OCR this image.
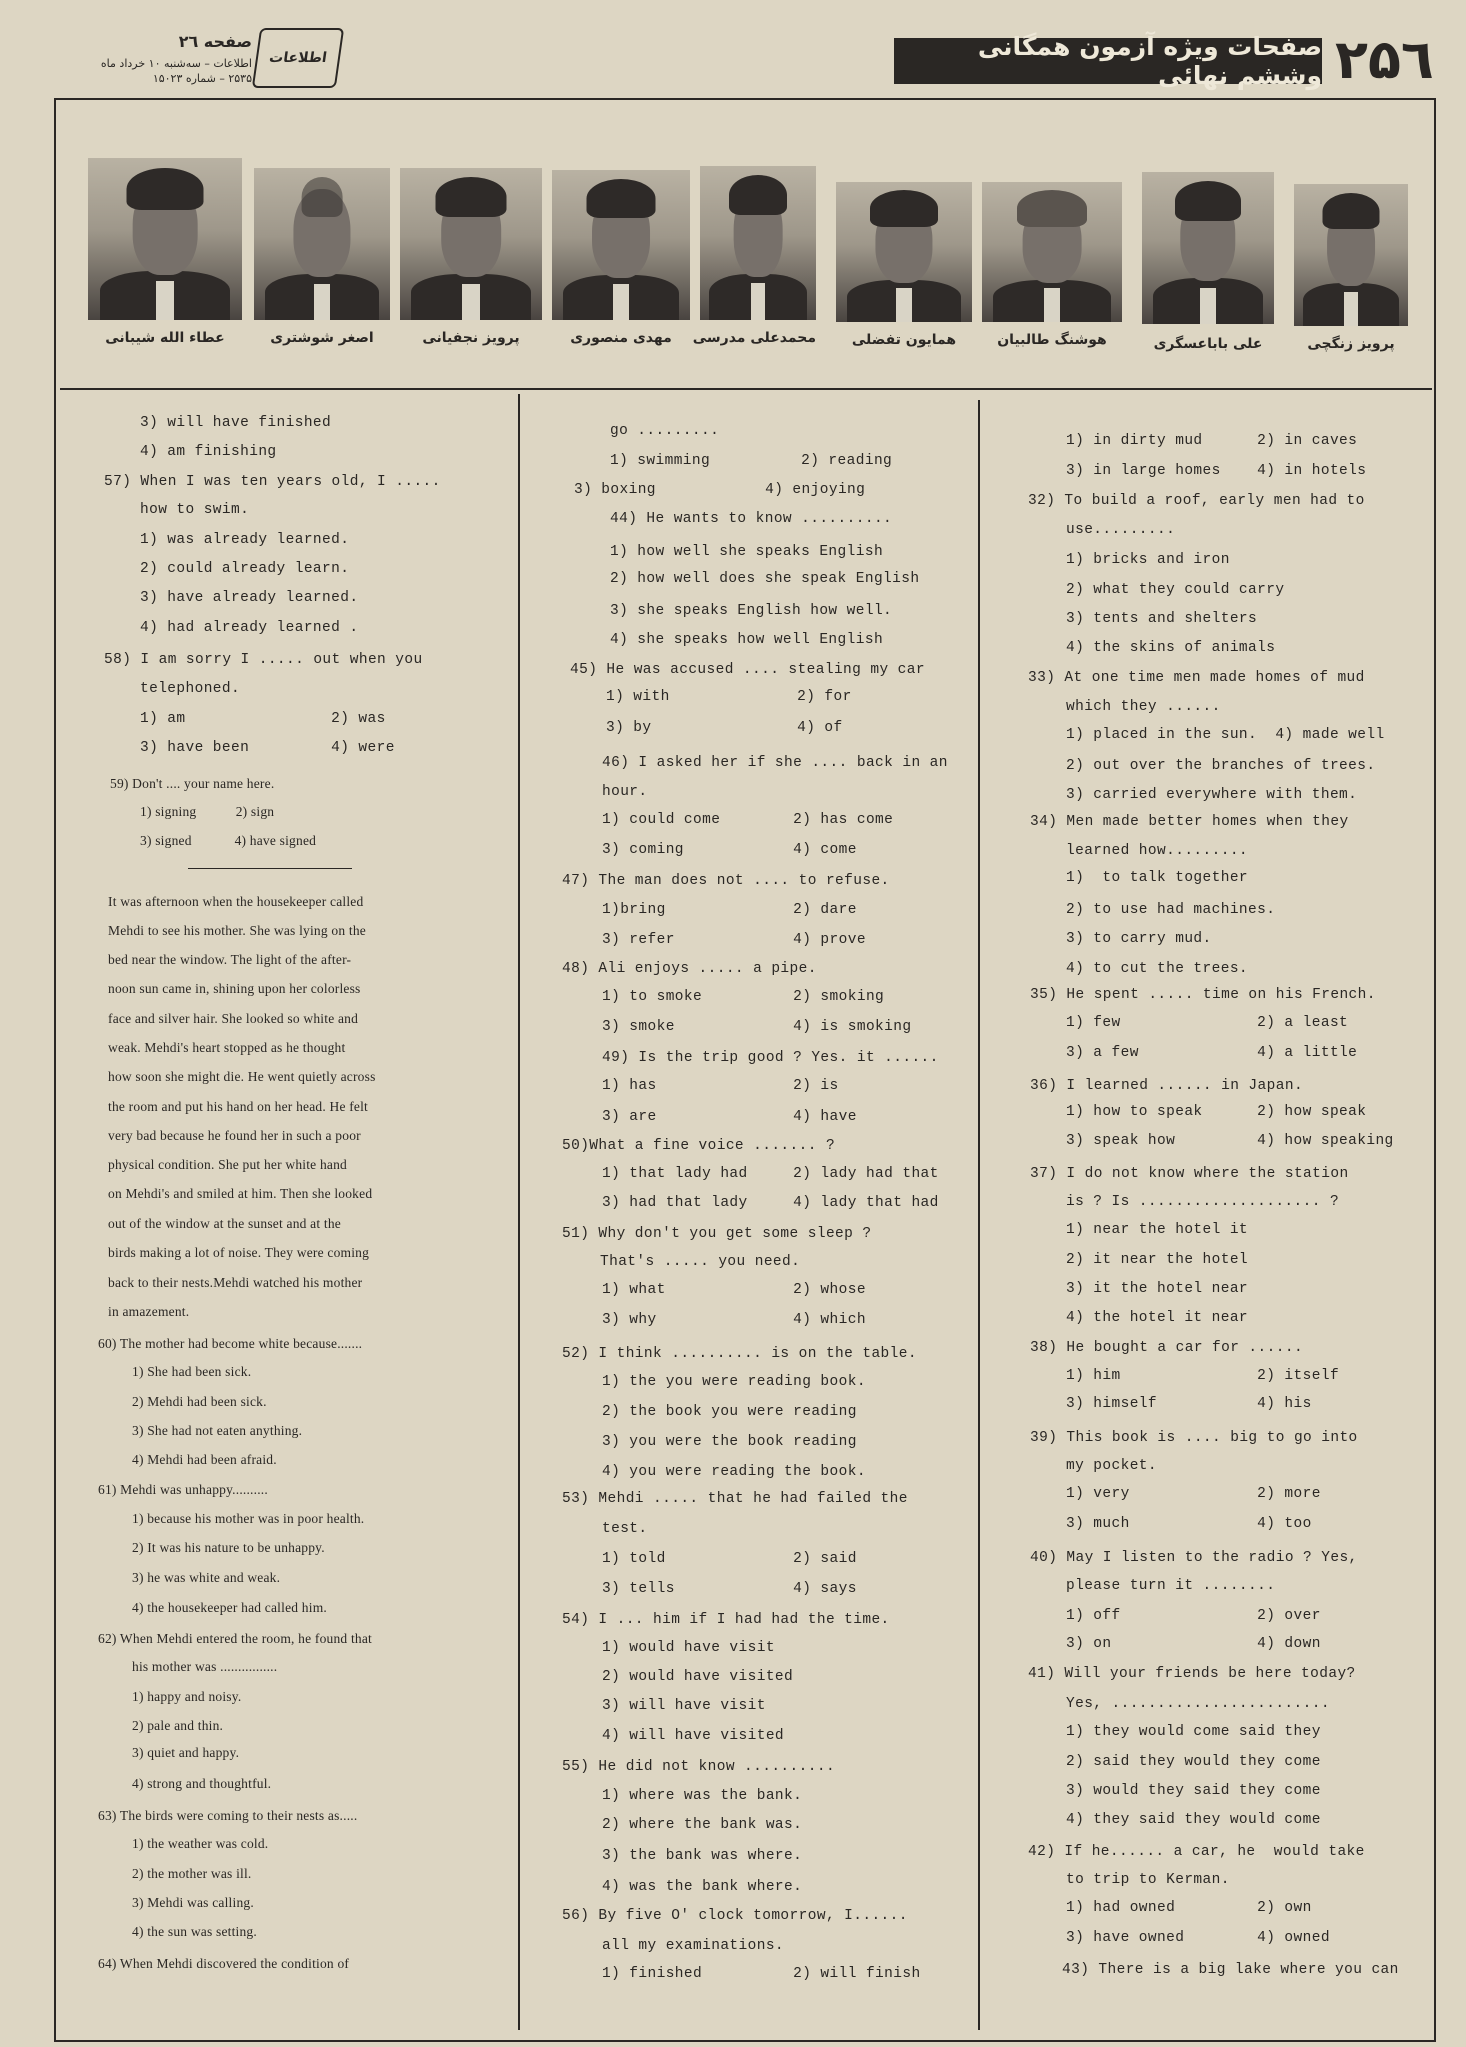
صفحه ٢٦
اطلاعات – سه‌شنبه ١٠ خرداد ماه
٢۵٣۵ – شماره ١۵٠٢٣
اطلاعات	صفحات ویژه آزمون همگانی وششم نهائی ٢۵٦
عطاء الله شیبانی	اصغر شوشتری	پرویز نجفیانی	مهدی منصوری	محمدعلی مدرسی	همایون تفضلی	هوشنگ طالبیان	علی باباعسگری	پرویز زنگچی
3) will have finished
4) am finishing
57) When I was ten years old, I .....
how to swim.
1) was already learned.
2) could already learn.
3) have already learned.
4) had already learned .
58) I am sorry I ..... out when you
telephoned.
1) am                2) was
3) have been         4) were
59) Don't .... your name here.
1) signing           2) sign
3) signed            4) have signed
It was afternoon when the housekeeper called
Mehdi to see his mother. She was lying on the
bed near the window. The light of the after-
noon sun came in, shining upon her colorless
face and silver hair. She looked so white and
weak. Mehdi's heart stopped as he thought
how soon she might die. He went quietly across
the room and put his hand on her head. He felt
very bad because he found her in such a poor
physical condition. She put her white hand
on Mehdi's and smiled at him. Then she looked
out of the window at the sunset and at the
birds making a lot of noise. They were coming
back to their nests.Mehdi watched his mother
in amazement.
60) The mother had become white because.......
1) She had been sick.
2) Mehdi had been sick.
3) She had not eaten anything.
4) Mehdi had been afraid.
61) Mehdi was unhappy..........
1) because his mother was in poor health.
2) It was his nature to be unhappy.
3) he was white and weak.
4) the housekeeper had called him.
62) When Mehdi entered the room, he found that
his mother was ................
1) happy and noisy.
2) pale and thin.
3) quiet and happy.
4) strong and thoughtful.
63) The birds were coming to their nests as.....
1) the weather was cold.
2) the mother was ill.
3) Mehdi was calling.
4) the sun was setting.
64) When Mehdi discovered the condition of
go .........
1) swimming          2) reading
3) boxing            4) enjoying
44) He wants to know ..........
1) how well she speaks English
2) how well does she speak English
3) she speaks English how well.
4) she speaks how well English
45) He was accused .... stealing my car
1) with              2) for
3) by                4) of
46) I asked her if she .... back in an
hour.
1) could come        2) has come
3) coming            4) come
47) The man does not .... to refuse.
1)bring              2) dare
3) refer             4) prove
48) Ali enjoys ..... a pipe.
1) to smoke          2) smoking
3) smoke             4) is smoking
49) Is the trip good ? Yes. it ......
1) has               2) is
3) are               4) have
50)What a fine voice ....... ?
1) that lady had     2) lady had that
3) had that lady     4) lady that had
51) Why don't you get some sleep ?
That's ..... you need.
1) what              2) whose
3) why               4) which
52) I think .......... is on the table.
1) the you were reading book.
2) the book you were reading
3) you were the book reading
4) you were reading the book.
53) Mehdi ..... that he had failed the
test.
1) told              2) said
3) tells             4) says
54) I ... him if I had had the time.
1) would have visit
2) would have visited
3) will have visit
4) will have visited
55) He did not know ..........
1) where was the bank.
2) where the bank was.
3) the bank was where.
4) was the bank where.
56) By five O' clock tomorrow, I......
all my examinations.
1) finished          2) will finish
1) in dirty mud      2) in caves
3) in large homes    4) in hotels
32) To build a roof, early men had to
use.........
1) bricks and iron
2) what they could carry
3) tents and shelters
4) the skins of animals
33) At one time men made homes of mud
which they ......
1) placed in the sun.  4) made well
2) out over the branches of trees.
3) carried everywhere with them.
34) Men made better homes when they
learned how.........
1)  to talk together
2) to use had machines.
3) to carry mud.
4) to cut the trees.
35) He spent ..... time on his French.
1) few               2) a least
3) a few             4) a little
36) I learned ...... in Japan.
1) how to speak      2) how speak
3) speak how         4) how speaking
37) I do not know where the station
is ? Is .................... ?
1) near the hotel it
2) it near the hotel
3) it the hotel near
4) the hotel it near
38) He bought a car for ......
1) him               2) itself
3) himself           4) his
39) This book is .... big to go into
my pocket.
1) very              2) more
3) much              4) too
40) May I listen to the radio ? Yes,
please turn it ........
1) off               2) over
3) on                4) down
41) Will your friends be here today?
Yes, ........................
1) they would come said they
2) said they would they come
3) would they said they come
4) they said they would come
42) If he...... a car, he  would take
to trip to Kerman.
1) had owned         2) own
3) have owned        4) owned
43) There is a big lake where you can
